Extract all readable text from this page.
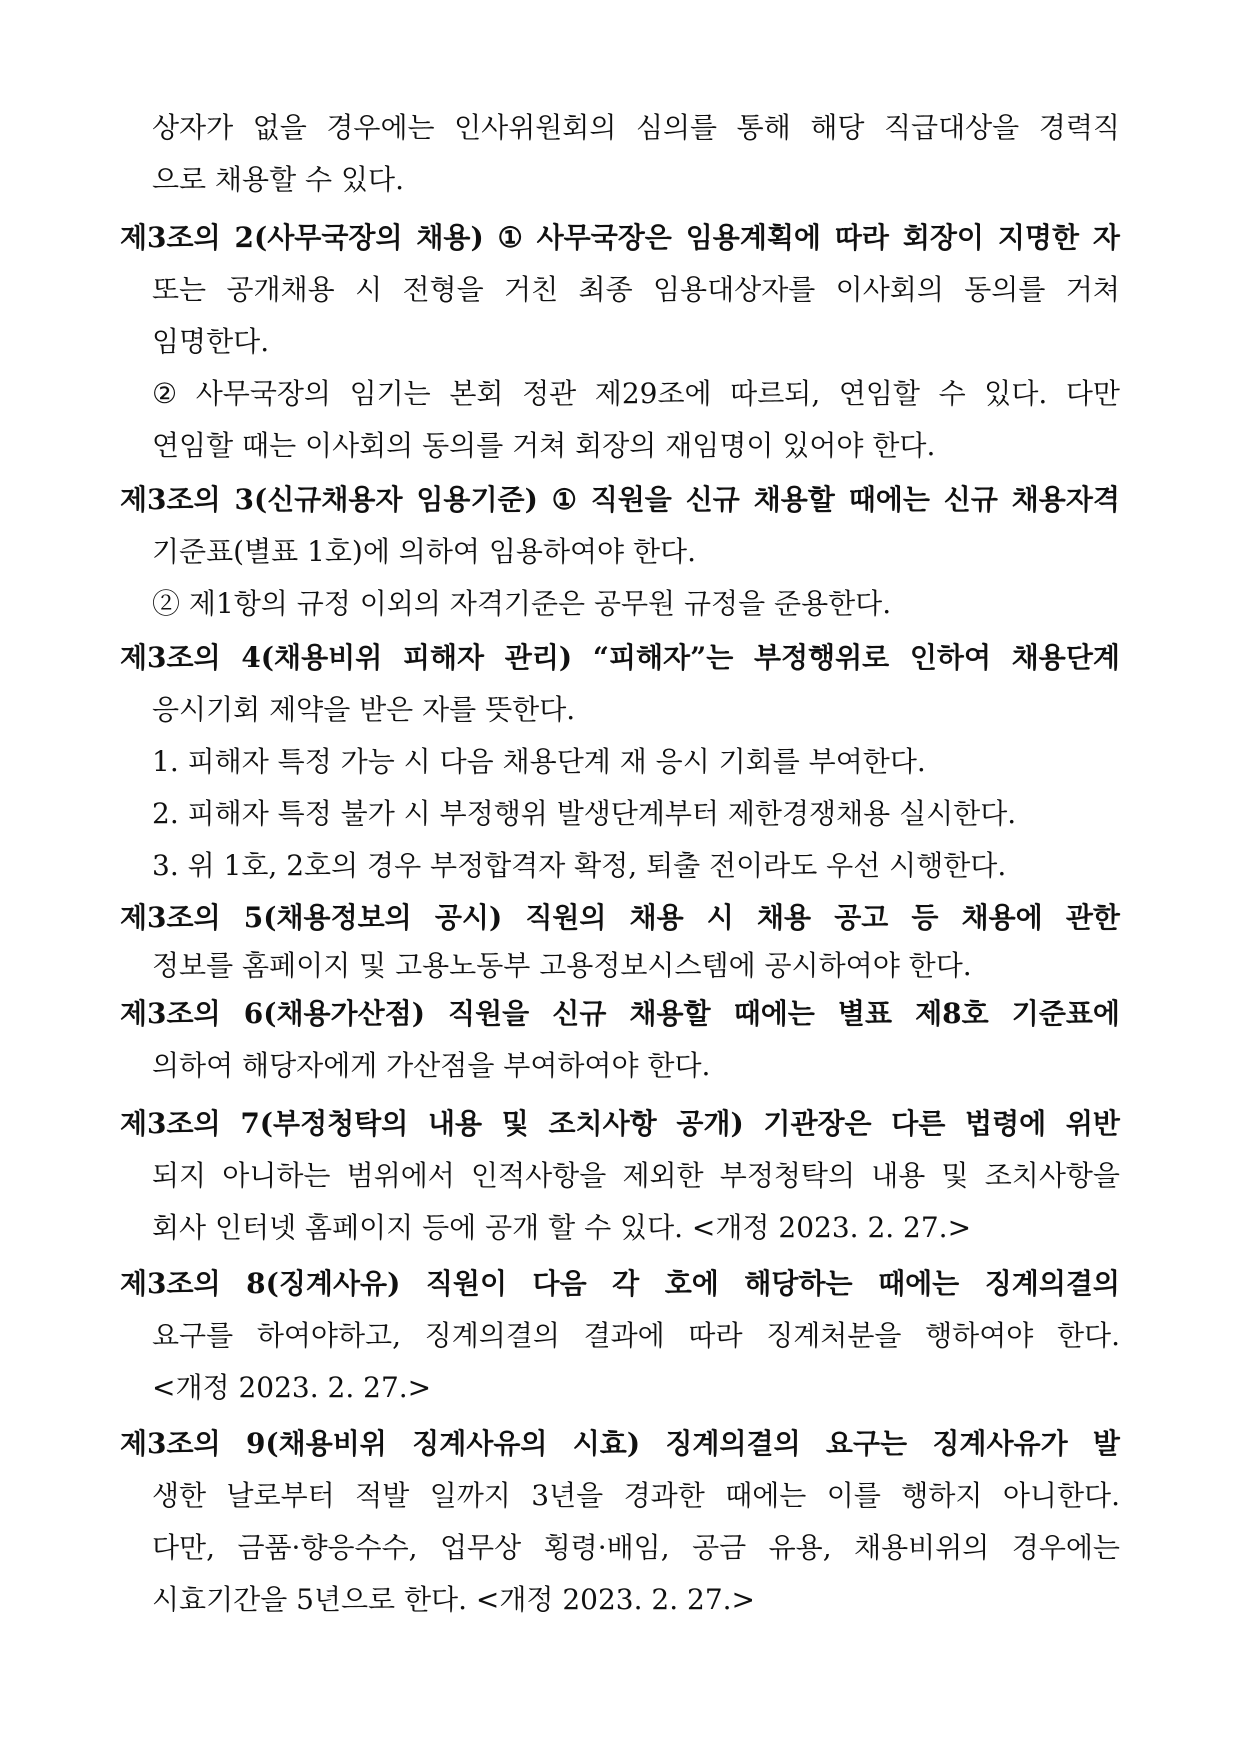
상자가 없을 경우에는 인사위원회의 심의를 통해 해당 직급대상을 경력직
으로 채용할 수 있다.
제3조의 2(사무국장의 채용) ① 사무국장은 임용계획에 따라 회장이 지명한 자
또는 공개채용 시 전형을 거친 최종 임용대상자를 이사회의 동의를 거쳐
임명한다.
② 사무국장의 임기는 본회 정관 제29조에 따르되, 연임할 수 있다. 다만
연임할 때는 이사회의 동의를 거쳐 회장의 재임명이 있어야 한다.
제3조의 3(신규채용자 임용기준) ① 직원을 신규 채용할 때에는 신규 채용자격
기준표(별표 1호)에 의하여 임용하여야 한다.
② 제1항의 규정 이외의 자격기준은 공무원 규정을 준용한다.
제3조의 4(채용비위 피해자 관리) “피해자”는 부정행위로 인하여 채용단계
응시기회 제약을 받은 자를 뜻한다.
1. 피해자 특정 가능 시 다음 채용단계 재 응시 기회를 부여한다.
2. 피해자 특정 불가 시 부정행위 발생단계부터 제한경쟁채용 실시한다.
3. 위 1호, 2호의 경우 부정합격자 확정, 퇴출 전이라도 우선 시행한다.
제3조의 5(채용정보의 공시) 직원의 채용 시 채용 공고 등 채용에 관한
정보를 홈페이지 및 고용노동부 고용정보시스템에 공시하여야 한다.
제3조의 6(채용가산점) 직원을 신규 채용할 때에는 별표 제8호 기준표에
의하여 해당자에게 가산점을 부여하여야 한다.
제3조의 7(부정청탁의 내용 및 조치사항 공개) 기관장은 다른 법령에 위반
되지 아니하는 범위에서 인적사항을 제외한 부정청탁의 내용 및 조치사항을
회사 인터넷 홈페이지 등에 공개 할 수 있다. <개정 2023. 2. 27.>
제3조의 8(징계사유) 직원이 다음 각 호에 해당하는 때에는 징계의결의
요구를 하여야하고, 징계의결의 결과에 따라 징계처분을 행하여야 한다.
<개정 2023. 2. 27.>
제3조의 9(채용비위 징계사유의 시효) 징계의결의 요구는 징계사유가 발
생한 날로부터 적발 일까지 3년을 경과한 때에는 이를 행하지 아니한다.
다만, 금품·향응수수, 업무상 횡령·배임, 공금 유용, 채용비위의 경우에는
시효기간을 5년으로 한다. <개정 2023. 2. 27.>
